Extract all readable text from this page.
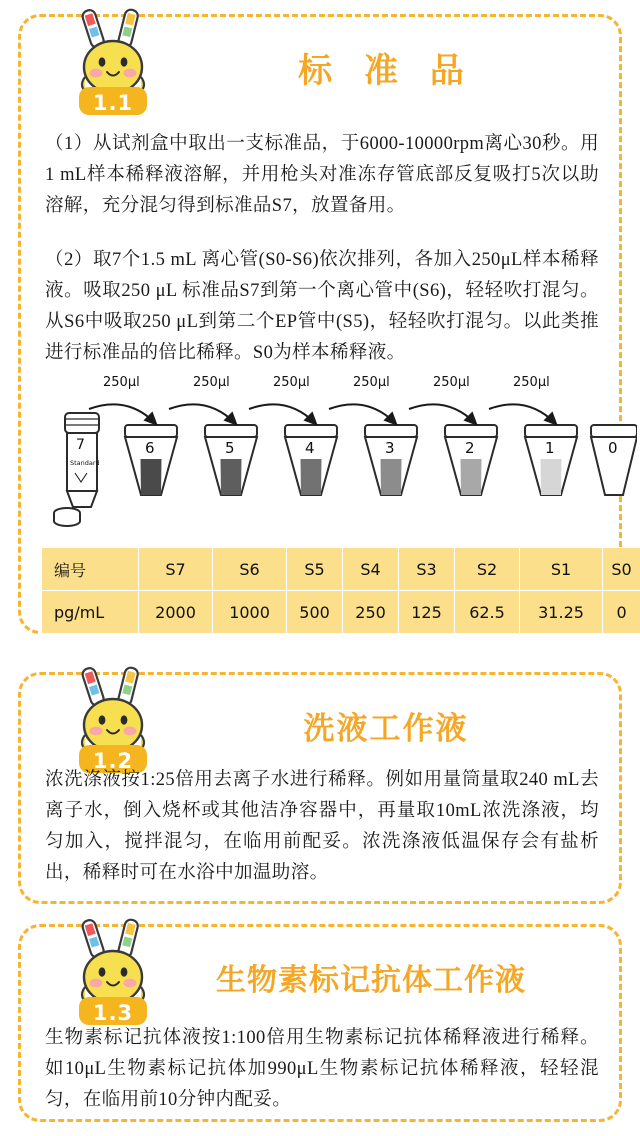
1.1
标 准 品
（1）从试剂盒中取出一支标准品，于6000-10000rpm离心30秒。用1 mL样本稀释液溶解，并用枪头对准冻存管底部反复吸打5次以助溶解，充分混匀得到标准品S7，放置备用。
（2）取7个1.5 mL 离心管(S0-S6)依次排列，各加入250μL样本稀释液。吸取250 μL 标准品S7到第一个离心管中(S6)，轻轻吹打混匀。从S6中吸取250 μL到第二个EP管中(S5)，轻轻吹打混匀。以此类推进行标准品的倍比稀释。S0为样本稀释液。
250μl	250μl	250μl	250μl	250μl	250μl
7
Standard
6	5	4	3	2	1	0
编号	S7	S6	S5	S4	S3	S2	S1	S0
pg/mL	2000	1000	500	250	125	62.5	31.25	0
1.2
洗液工作液
浓洗涤液按1:25倍用去离子水进行稀释。例如用量筒量取240 mL去离子水，倒入烧杯或其他洁净容器中，再量取10mL浓洗涤液，均匀加入，搅拌混匀，在临用前配妥。浓洗涤液低温保存会有盐析出，稀释时可在水浴中加温助溶。
1.3
生物素标记抗体工作液
生物素标记抗体液按1:100倍用生物素标记抗体稀释液进行稀释。如10μL生物素标记抗体加990μL生物素标记抗体稀释液，轻轻混匀，在临用前10分钟内配妥。
